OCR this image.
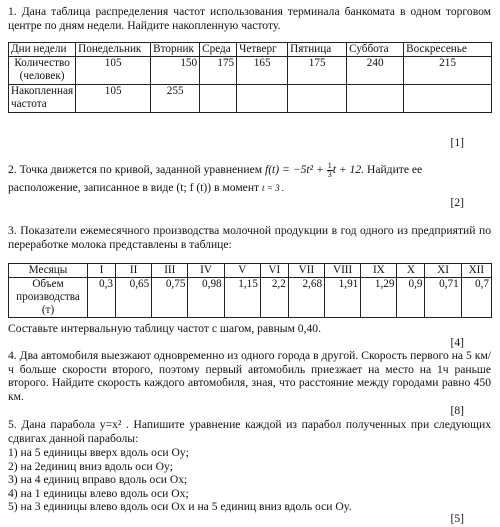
1. Дана таблица распределения частот использования терминала банкомата в одном торговом центре по дням недели. Найдите накопленную частоту.
Дни недели	Понедельник	Вторник	Среда	Четверг	Пятница	Суббота	Воскресенье
Количество (человек)	105	150	175	165	175	240	215
Накопленная частота	105	255					
[1]
2. Точка движется по кривой, заданной уравнением $f(t) = -5t^2 + \frac{1}{3}$ t + 12. Найдите ее
расположение, записанное в виде (t; f (t)) в момент t = 3 .
[2]
3. Показатели ежемесячного производства молочной продукции в год одного из предприятий по переработке молока представлены в таблице:
Месяцы	I	II	III	IV	V	VI	VII	VIII	IX	X	XI	XII
Объем производства (т)	0,3	0,65	0,75	0,98	1,15	2,2	2,68	1,91	1,29	0,9	0,71	0,7
Составьте интервальную таблицу частот с шагом, равным 0,40.
[4]
4. Два автомобиля выезжают одновременно из одного города в другой. Скорость первого на 5 км/ч больше скорости второго, поэтому первый автомобиль приезжает на место на 1ч раньше второго. Найдите скорость каждого автомобиля, зная, что расстояние между городами равно 450 км.
[8]
5. Дана парабола y=x² . Напишите уравнение каждой из парабол полученных при следующих сдвигах данной параболы:
1) на 5 единицы вверх вдоль оси Oy;
2) на 2единиц вниз вдоль оси Oy;
3) на 4 единиц вправо вдоль оси Ox;
4) на 1 единицы влево вдоль оси Ox;
5) на 3 единицы влево вдоль оси Ox и на 5 единиц вниз вдоль оси Oy.
[5]
